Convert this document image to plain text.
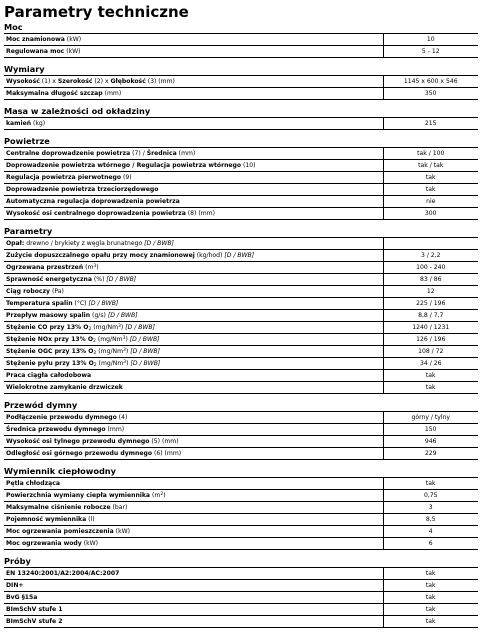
Parametry techniczne
Moc
Moc znamionowa (kW)	10
Regulowana moc (kW)	5 - 12
Wymiary
Wysokość (1) x Szerokość (2) x Głębokość (3) (mm)	1145 x 600 x 546
Maksymalna długość szczap (mm)	350
Masa w zależności od okładziny
kamień (kg)	215
Powietrze
Centralne doprowadzenie powietrza (7) / Średnica (mm)	tak / 100
Doprowadzenie powietrza wtórnego / Regulacja powietrza wtórnego (10)	tak / tak
Regulacja powietrza pierwotnego (9)	tak
Doprowadzenie powietrza trzeciorzędowego	tak
Automatyczna regulacja doprowadzenia powietrza	nie
Wysokość osi centralnego doprowadzenia powietrza (8) (mm)	300
Parametry
Opał: drewno / brykiety z węgla brunatnego [D / BWB]	
Zużycie dopuszczalnego opału przy mocy znamionowej (kg/hod) [D / BWB]	3 / 2,2
Ogrzewana przestrzeń $(m^3)$	100 - 240
Sprawność energetyczna (%) [D / BWB]	83 / 86
Ciąg roboczy (Pa)	12
Temperatura spalin (°C) [D / BWB]	225 / 196
Przepływ masowy spalin (g/s) [D / BWB]	8,8 / 7,7
Stężenie CO przy 13% $O_2$ (mg/Nm$^3$) [D / BWB]	1240 / 1231
Stężenie NOx przy 13% $O_2$ (mg/Nm$^3$) [D / BWB]	126 / 196
Stężenie OGC przy 13% $O_2$ (mg/Nm$^3$) [D / BWB]	108 / 72
Stężenie pyłu przy 13% $O_2$ (mg/Nm$^3$) [D / BWB]	34 / 26
Praca ciągła całodobowa	tak
Wielokrotne zamykanie drzwiczek	tak
Przewód dymny
Podłączenie przewodu dymnego (4)	górny / tylny
Średnica przewodu dymnego (mm)	150
Wysokość osi tylnego przewodu dymnego (5) (mm)	946
Odległość osi górnego przewodu dymnego (6) (mm)	229
Wymiennik ciepłowodny
Pętla chłodząca	tak
Powierzchnia wymiany ciepła wymiennika $(m^2)$	0,75
Maksymalne ciśnienie robocze (bar)	3
Pojemność wymiennika (l)	8,5
Moc ogrzewania pomieszczenia (kW)	4
Moc ogrzewania wody (kW)	6
Próby
EN 13240:2001/A2:2004/AC:2007	tak
DIN+	tak
BvG §15a	tak
BImSchV stufe 1	tak
BImSchV stufe 2	tak
